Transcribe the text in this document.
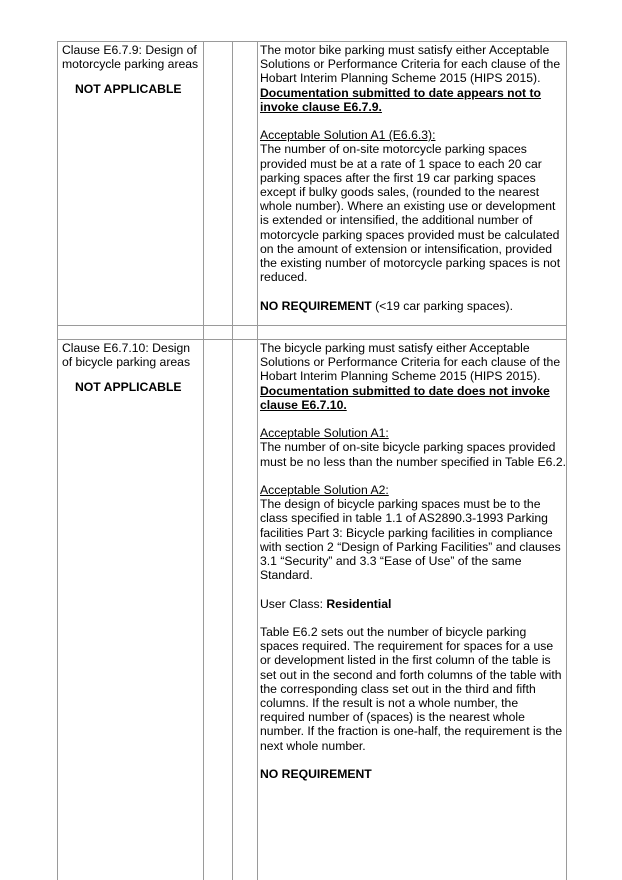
Clause E6.7.9: Design of motorcycle parking areas
NOT APPLICABLE

The motor bike parking must satisfy either Acceptable Solutions or Performance Criteria for each clause of the Hobart Interim Planning Scheme 2015 (HIPS 2015).

Documentation submitted to date appears not to invoke clause E6.7.9.

Acceptable Solution A1 (E6.6.3):

The number of on-site motorcycle parking spaces provided must be at a rate of 1 space to each 20 car parking spaces after the first 19 car parking spaces except if bulky goods sales, (rounded to the nearest whole number). Where an existing use or development is extended or intensified, the additional number of motorcycle parking spaces provided must be calculated on the amount of extension or intensification, provided the existing number of motorcycle parking spaces is not reduced.

NO REQUIREMENT (<19 car parking spaces).

Clause E6.7.10: Design of bicycle parking areas
NOT APPLICABLE

The bicycle parking must satisfy either Acceptable Solutions or Performance Criteria for each clause of the Hobart Interim Planning Scheme 2015 (HIPS 2015).

Documentation submitted to date does not invoke clause E6.7.10.

Acceptable Solution A1:

The number of on-site bicycle parking spaces provided must be no less than the number specified in Table E6.2.

Acceptable Solution A2:

The design of bicycle parking spaces must be to the class specified in table 1.1 of AS2890.3-1993 Parking facilities Part 3: Bicycle parking facilities in compliance with section 2 “Design of Parking Facilities” and clauses 3.1 “Security” and 3.3 “Ease of Use” of the same Standard.

User Class: Residential

Table E6.2 sets out the number of bicycle parking spaces required. The requirement for spaces for a use or development listed in the first column of the table is set out in the second and forth columns of the table with the corresponding class set out in the third and fifth columns. If the result is not a whole number, the required number of (spaces) is the nearest whole number. If the fraction is one-half, the requirement is the next whole number.

NO REQUIREMENT
